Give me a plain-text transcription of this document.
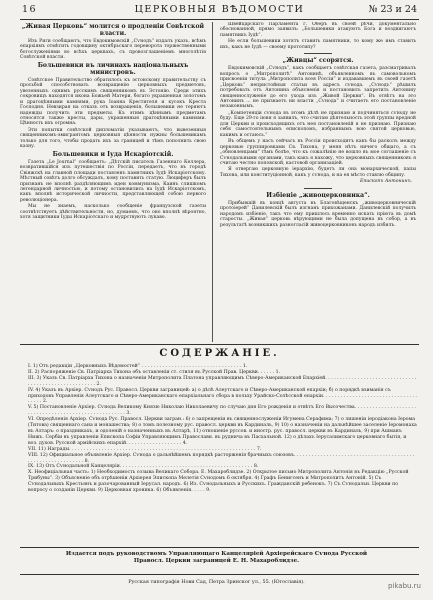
16	ЦЕРКОВНЫЯ ВѢДОМОСТИ	№ 23 и 24
„Живая Церковь“ молится о продленіи Совѣтской власти.

Изъ Риги сообщаютъ, что Евдокимовскій „Сѵнодъ“ издалъ указъ, всѣмъ епархіямъ отмѣтить годовщину октябрьскаго переворота торжественными богослуженіями во всѣхъ церквахъ, съ провозглашеніемъ многолѣтія Совѣтской власти.

Большевики въ личинахъ національныхъ министровъ.

Совѣтское Правительство обратилось къ эстонскому правительству съ просьбой способствовать возвращенію церковныхъ предметовъ, увезенныхъ однимъ русскимъ священникомъ въ Эстонію. Среди этихъ сокровищъ находятся икона Божьей Матери, богато украшенная золотомъ и драгоцѣнными камнями, рука Іоанна Крестителя и кусокъ Креста Господня. Невзирая на отказъ отъ возвращенія, большевики не теряютъ надежды получить эти предметы. Къ этимъ цѣннымъ предметамъ относятся также кресты, дары, украшенныя драгоцѣнными камнями. Цѣнность ихъ огромна.

Эти попытки совѣтской дипломатіи указываютъ, что вывезенныя священникомъ-эмигрантомъ церковныя цѣнности нужны большевикамъ только для того, чтобы продать ихъ за границей и тѣмъ пополнить свою казну.

Большевики и Іуда Искаріотскій.

Газета „Le Journal“ сообщаетъ: „Дѣтскій писатель Газеннаго Келлера, возвратившійся изъ путешествія по Россіи, передаетъ, что въ городѣ Свіяжскѣ на главной площади поставленъ памятникъ Іудѣ Искаріотскому. Мѣстный совѣтъ долго обсуждалъ, кому поставить статую. Люциферъ былъ признанъ не вполнѣ раздѣляющимъ идеи коммунизма, Каинъ слишкомъ легендарной личностью, и потому остановились на Іудѣ Искаріотскомъ, какъ вполнѣ исторической личности, представляющей собою первого революціонера.

Мы не знаемъ, насколько сообщеніе французской газеты соотвѣтствуетъ дѣйствительности, но, думаемъ, что оно вполнѣ вѣроятно, хотя защитники Іуды Искаріотскаго и мудрствуютъ лукаво.

Швейцарскаго Парламента г. Оберъ въ своей рѣчи, документально обоснованной, прямо заявилъ: „Большевики атакуютъ Бога и воздвигаютъ памятникъ Іудѣ“.

Не если большевики хотятъ ставить памятники, то кому же имъ ставить ихъ, какъ не Іудѣ — своему прототипу?

„Живцы“ ссорятся.

Евдокимовскій „Сѵнодъ“, какъ сообщаетъ совѣтская газета, разсматривалъ вопросъ о „Митрополитѣ“ Антонинѣ, объявленномъ въ самовольномъ присвоеніи титула „Митрополита всея Россіи“ и издававшемъ въ своей газетѣ „Церковь“ непристойныя статьи въ адресъ сѵнода. „Сѵнодъ“ рѣшилъ потребовать отъ Антонина объясненія и постановилъ запретить Антонину священнослуженіе до его ухода изъ „Живой Церкви“. Въ отвѣтъ на это Антонинъ ... не признаетъ ни власти „Сѵнода“ и считаетъ его постановленіе незаконнымъ.

„Компетенціи сѵнода въ этомъ дѣлѣ не признаю и подчиняться сѵноду не буду. Еще 29-го іюня я заявилъ, что считаю дѣятельность этой группы вредной для Церкви и происходящихъ отъ нея постановленій я не признаю. Признаю себя самостоятельнымъ епископомъ, избраннымъ вою святой церковью, какимъ и остаюсь.“

Въ общемъ у насъ сейчасъ въ Россіи происходитъ какъ бы расколъ между церковью группировками Св. Тихона, у меня нѣтъ ничего общаго, а съ „обновленцами“ тѣмъ болѣе, что къ сожалѣнію не вошло въ мое соглашеніе съ Сѵнодальными органами, такъ какъ я нахожу, что церковныхъ священниковъ я считаю честно поповской, кастовой организаціей.

Я отвергаю церковную іерархію, будетъ ли она монархической, папы Тихона, или конституціонной, какъ у сѵнода, и на ея мѣсто ставлю общину.

Епископъ Антонинъ.
Избіеніе „живоцерковника“.

Прибывшій въ концѣ августа въ Благовѣщенскъ „живоцерковническій протоіерей“ Данилевскій былъ изгнанъ прихожанами. Данилевскій получилъ народомъ избіеніе, такъ что ему пришлось временно искать пріюта въ домѣ старосты. „Живая“ церковь вѣрующими не была допущена въ собор, а въ результатѣ возникшихъ разногласій живоцерковниковъ народъ избилъ.

СОДЕРЖАНІЕ.
I. 1) Отъ редакціи „Церковныхъ Вѣдомостей“ . . . . . . . . . . . . . . . . . . . . . . . . . . . . . . . . . . 1.
II. 2) Распоряженіе Св. Патріарха Тихона объ оставленіи ст. стиля въ Русской Прав. Церкви. . . . . . 1.
III. 3) Указъ Св. Патріарха Тихона о назначеніи Митрополита Платона управляющимъ Сѣверо-Американской Епархіей. . . . . . . . . . . . . . . . . . . . . . . . . . . . . . . . . . . . . . . . . . . . . . . . . . . . . . 2.
IV. 4) Указъ въ Архіер. Сѵнодъ Рус. Правосл. Церкви заграницей: а) о дѣлѣ Алеутскаго и Сѣверо-Американской епархіи; б) о порядкѣ взиманія съ приходовъ Управленія Алеутскаго и Сѣверо-Американскаго епархіальнаго сбора в польху Урайско-Солѣсской епархіи. . . . . . . . . . . . . . . . . . . . . . . . . . . . . . . . . . . . . 2.
V. 5) Постановленіе Архіер. Сѵнода Великому Князю Николаю Николаевичу по случаю дня Его рожденія и отвѣтъ Его Высочества. . . . . . . . . . . . . . . . . . . . . . . . . . . . . . . . . . . . . . . . . . . . . . . . . . . . . . 3.
VI. Опредѣленія Архіер. Сѵнода Рус. Правосл. Церкви загран.: 6) о запрещеніи въ священнослуженіи Игумена Серафима; 7) о лишеніи іеродіакона Іерома (Титова) священнаго сана и монашества; 8) о томъ полезному рус. правосл. церкви въ Кардиналь, 9) 10) о назначеніи на дальнѣйшее заселеніе Іеромонаха въ Алтаръ: о праздникахъ, и одоленій о назначенныхъ въ Алтарѣ, 11) отношеніе руссов. и иностр. рус. правосл. церкви въ Кардиналь, 9) при Ашманъ Нижъ. Сербіи въ управленіи Епископа Софіи Управляющимъ Православн. въ руднича въ Пасхальной. 12) о дѣлахъ Іерусалимскаго церковнаго бытія, и воз. духов. Русской армійскихъ епархій. . . . . . . . . . . . . . . . . . . 4.
VII. 11) Награды. . . . . . . . . . . . . . . . . . . . . . . . . . . . . . . . . . . . . . . . . . . . . . . . . . . . . . . . . . . . . . . 7.
VIII. 12) Официальное объявленіе Архіер. Сѵнода о дальнѣйшемъ порядкѣ расторженія брачныхъ союзовъ. . . . . . . . . . . . . . . . . . . . . . . . . . . . . . . . . . . . . . . . . . . . . . . . . . . . . . . . . . . . 8.
IX. 13) Отъ Сѵнодальной Канцеляріи. . . . . . . . . . . . . . . . . . . . . . . . . . . . . . . . . . . . . . . . . . . . . 8.
X. Неофиціальная часть: 1) Необходимость созыва Великаго Собора. Е. Махароблидзе. 2) Открытое письмо Митрополита Антонія въ Редакцію „Русской Трибуны“. 3) Объясненіе объ отрѣшеніи Архіерея Эпископа Мелетія Сѵнодомъ 6 октября. 4) Графъ Бенигсенъ и Митрополитъ Антоній. 5) Съ Сѵнодальныхъ Крестьянъ и разочарованный Іерусал. народъ. 6) Из. Сѵнодальныхъ и Русскихъ. Гражданскій ребенокъ. 7) Съ Сѵнодальн. Церкви по вопросу о созданіи Церкви. 9) Церковная хроника. 6) Объявленія. . . . . 9.
Издается подъ руководствомъ Управляющаго Канцеляріей Архіерейскаго Сѵнода Русской
Правосл. Церкви заграницей Е. Н. Махароблидзе.
Русская типографія Нови Сад, Петра Зринског ул., 55. (Югославія).	pikabu.ru
